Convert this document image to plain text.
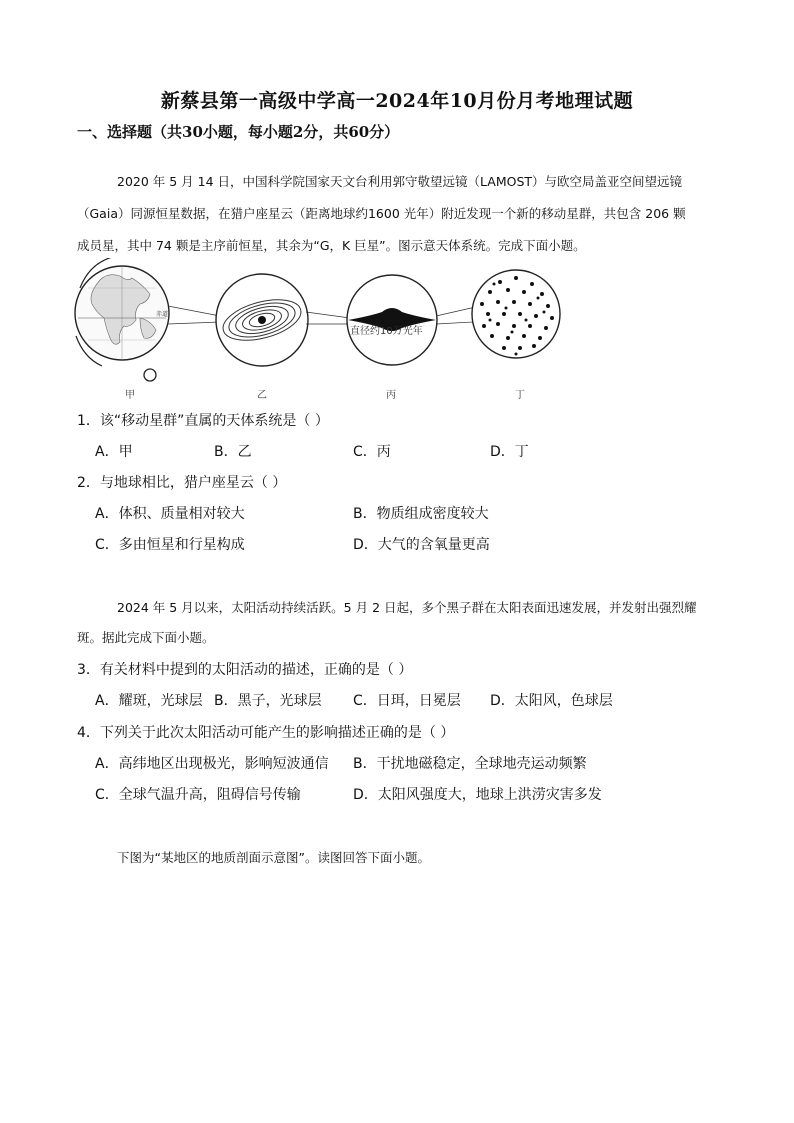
新蔡县第一高级中学高一2024年10月份月考地理试题
一、选择题（共30小题，每小题2分，共60分）
2020 年 5 月 14 日，中国科学院国家天文台利用郭守敬望远镜（LAMOST）与欧空局盖亚空间望远镜
（Gaia）同源恒星数据，在猎户座星云（距离地球约1600 光年）附近发现一个新的移动星群，共包含 206 颗
成员星，其中 74 颗是主序前恒星，其余为“G，K 巨星”。图示意天体系统。完成下面小题。
赤道
直径约10万光年
甲	乙	丙	丁
1．该“移动星群”直属的天体系统是（ ）
A．甲	B．乙	C．丙	D．丁
2．与地球相比，猎户座星云（ ）
A．体积、质量相对较大	B．物质组成密度较大
C．多由恒星和行星构成	D．大气的含氧量更高
2024 年 5 月以来，太阳活动持续活跃。5 月 2 日起，多个黑子群在太阳表面迅速发展，并发射出强烈耀
斑。据此完成下面小题。
3．有关材料中提到的太阳活动的描述，正确的是（ ）
A．耀斑，光球层 B．黑子，光球层 C．日珥，日冕层 D．太阳风，色球层
4．下列关于此次太阳活动可能产生的影响描述正确的是（ ）
A．高纬地区出现极光，影响短波通信 B．干扰地磁稳定，全球地壳运动频繁
C．全球气温升高，阻碍信号传输	D．太阳风强度大，地球上洪涝灾害多发
下图为“某地区的地质剖面示意图”。读图回答下面小题。
